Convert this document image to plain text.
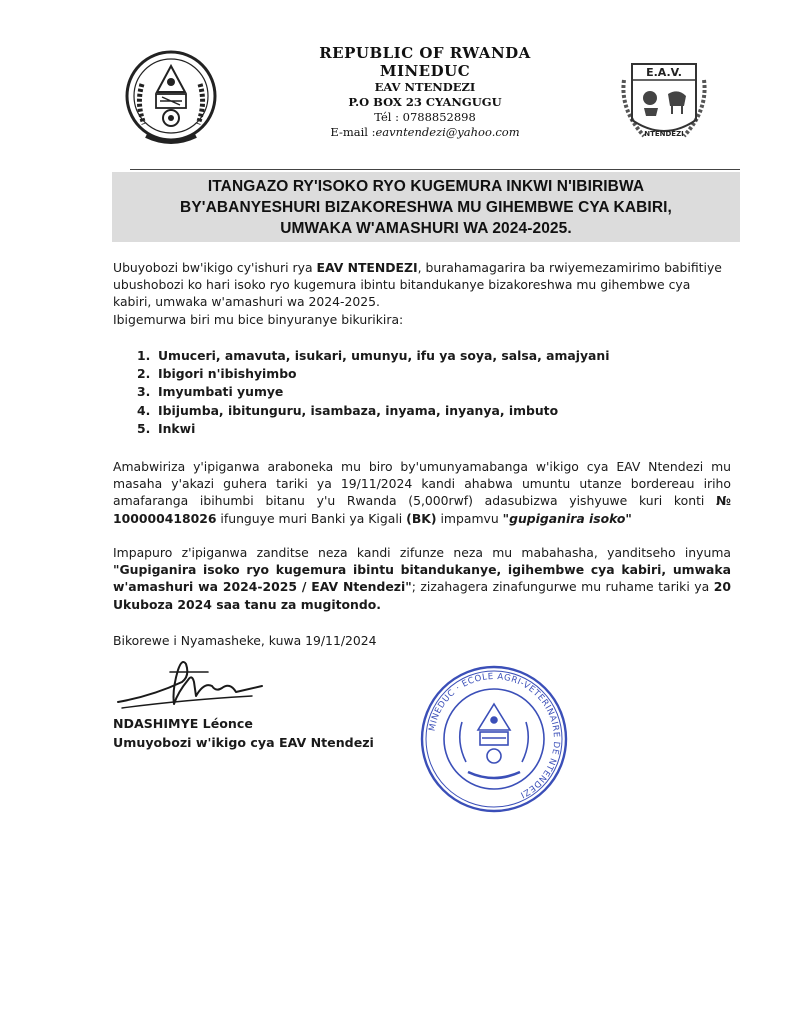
REPUBLIC OF RWANDA
MINEDUC
EAV NTENDEZI
P.O BOX 23 CYANGUGU
Tél : 0788852898
E-mail :eavntendezi@yahoo.com
E.A.V.
NTENDEZI
ITANGAZO RY'ISOKO RYO KUGEMURA INKWI N'IBIRIBWA
BY'ABANYESHURI BIZAKORESHWA MU GIHEMBWE CYA KABIRI,
UMWAKA W'AMASHURI WA 2024-2025.
Ubuyobozi bw'ikigo cy'ishuri rya EAV NTENDEZI, burahamagarira ba rwiyemezamirimo babifitiye ubushobozi ko hari isoko ryo kugemura ibintu bitandukanye bizakoreshwa mu gihembwe cya kabiri, umwaka w'amashuri wa 2024-2025.
Ibigemurwa biri mu bice binyuranye bikurikira:
1. Umuceri, amavuta, isukari, umunyu, ifu ya soya, salsa, amajyani
2. Ibigori n'ibishyimbo
3. Imyumbati yumye
4. Ibijumba, ibitunguru, isambaza, inyama, inyanya, imbuto
5. Inkwi
Amabwiriza y'ipiganwa araboneka mu biro by'umunyamabanga w'ikigo cya EAV Ntendezi mu masaha y'akazi guhera tariki ya 19/11/2024 kandi ahabwa umuntu utanze bordereau iriho amafaranga ibihumbi bitanu y'u Rwanda (5,000rwf) adasubizwa yishyuwe kuri konti № 100000418026 ifunguye muri Banki ya Kigali (BK) impamvu "gupiganira isoko"
Impapuro z'ipiganwa zanditse neza kandi zifunze neza mu mabahasha, yanditseho inyuma "Gupiganira isoko ryo kugemura ibintu bitandukanye, igihembwe cya kabiri, umwaka w'amashuri wa 2024-2025 / EAV Ntendezi"; zizahagera zinafungurwe mu ruhame tariki ya 20 Ukuboza 2024 saa tanu za mugitondo.
Bikorewe i Nyamasheke, kuwa 19/11/2024
NDASHIMYE Léonce
Umuyobozi w'ikigo cya EAV Ntendezi
MINEDUC · ECOLE AGRI-VETERINAIRE DE NTENDEZI
